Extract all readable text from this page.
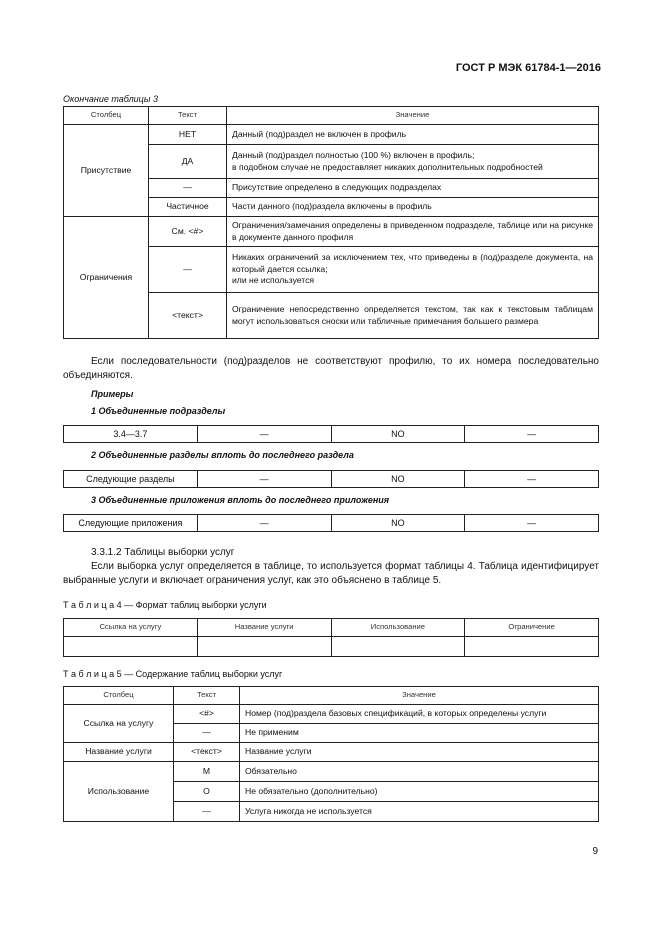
ГОСТ Р МЭК 61784-1—2016
Окончание таблицы 3
Столбец	Текст	Значение
Присутствие	НЕТ	Данный (под)раздел не включен в профиль
	ДА	Данный (под)раздел полностью (100 %) включен в профиль;
в подобном случае не предоставляет никаких дополнительных подробностей

	—	Присутствие определено в следующих подразделах
	Частичное	Части данного (под)раздела включены в профиль
Ограничения	См. <#>	Ограничения/замечания определены в приведенном подразделе, таблице или на рисунке в документе данного профиля
	—	Никаких ограничений за исключением тех, что приведены в (под)разделе документа, на который дается ссылка;
или не используется

	<текст>	Ограничение непосредственно определяется текстом, так как к текстовым таблицам могут использоваться сноски или табличные примечания большего размера
Если последовательности (под)разделов не соответствуют профилю, то их номера последовательно объединяются.
Примеры
1 Объединенные подразделы
3.4—3.7	—	NO	—
2 Объединенные разделы вплоть до последнего раздела
Следующие разделы	—	NO	—
3 Объединенные приложения вплоть до последнего приложения
Следующие приложения	—	NO	—
3.3.1.2 Таблицы выборки услуг
Если выборка услуг определяется в таблице, то используется формат таблицы 4. Таблица идентифицирует выбранные услуги и включает ограничения услуг, как это объяснено в таблице 5.
Т а б л и ц а 4 — Формат таблиц выборки услуги
Ссылка на услугу	Название услуги	Использование	Ограничение

Т а б л и ц а 5 — Содержание таблиц выборки услуг
Столбец	Текст	Значение
Ссылка на услугу	<#>	Номер (под)раздела базовых спецификаций, в которых определены услуги
	—	Не применим
Название услуги	<текст>	Название услуги
Использование	M	Обязательно
	O	Не обязательно (дополнительно)
	—	Услуга никогда не используется
9
